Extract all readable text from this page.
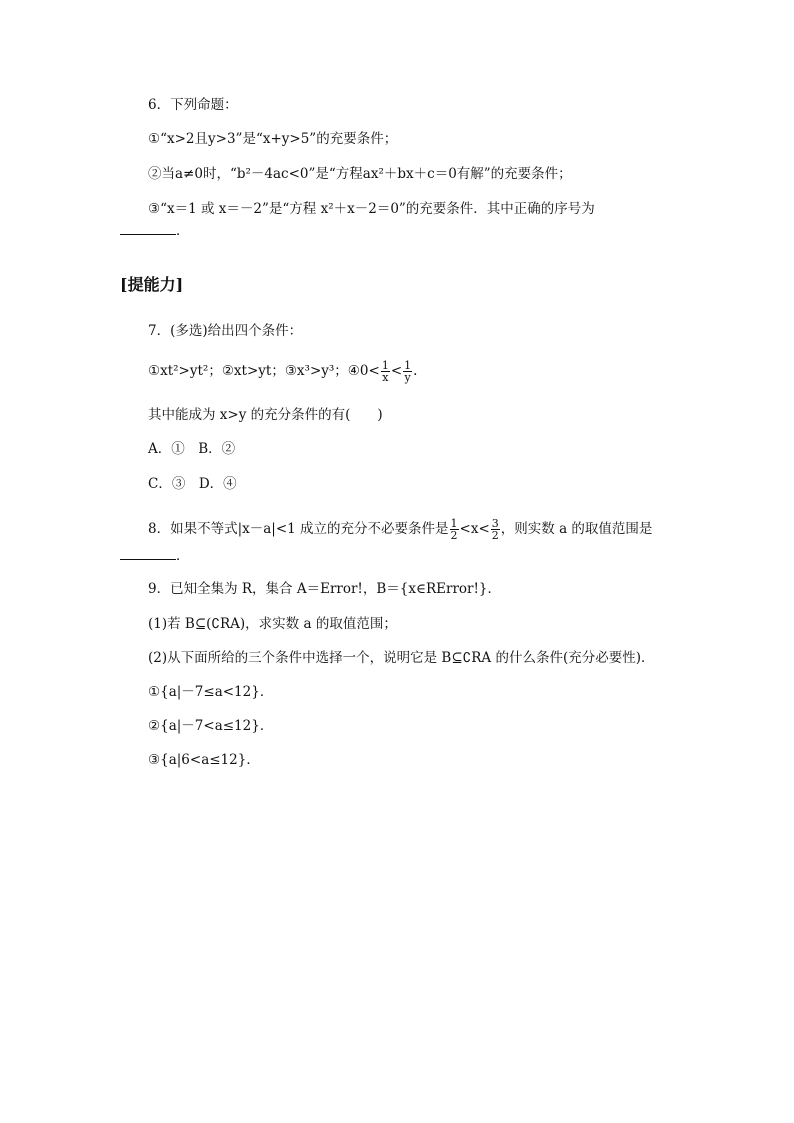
6．下列命题：
①“x>2且y>3”是“x+y>5”的充要条件；
②当a≠0时，“b²－4ac<0”是“方程ax²＋bx＋c＝0有解”的充要条件；
③“x＝1 或 x＝－2”是“方程 x²＋x－2＝0”的充要条件．其中正确的序号为
．
[提能力]
7．(多选)给出四个条件：
①xt²>yt²；②xt>yt；③x³>y³；④0< $\frac{1}{x} < \frac{1}{y}$ .
其中能成为 x>y 的充分条件的有(　　)
A．①　B．②
C．③　D．④
8．如果不等式|x－a|<1 成立的充分不必要条件是 $\frac{1}{2} <x< \frac{3}{2}$ ，则实数 a 的取值范围是
．
9．已知全集为 R，集合 A＝Error!，B＝{x∈RError!}．
(1)若 B⊆(∁RA)，求实数 a 的取值范围；
(2)从下面所给的三个条件中选择一个，说明它是 B⊆∁RA 的什么条件(充分必要性)．
①{a|－7≤a<12}．
②{a|－7<a≤12}．
③{a|6<a≤12}．
